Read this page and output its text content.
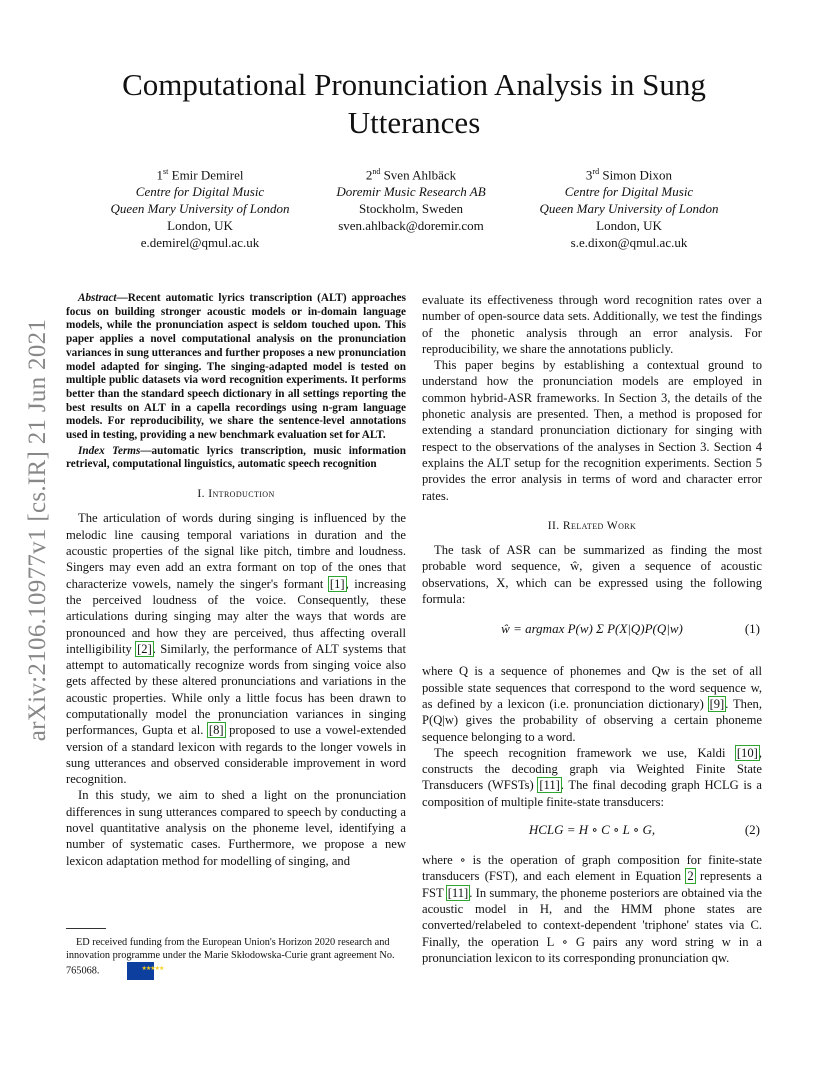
Computational Pronunciation Analysis in Sung Utterances
1st Emir Demirel
Centre for Digital Music
Queen Mary University of London
London, UK
e.demirel@qmul.ac.uk
2nd Sven Ahlbäck
Doremir Music Research AB
Stockholm, Sweden
sven.ahlback@doremir.com
3rd Simon Dixon
Centre for Digital Music
Queen Mary University of London
London, UK
s.e.dixon@qmul.ac.uk
arXiv:2106.10977v1 [cs.IR] 21 Jun 2021

Abstract—Recent automatic lyrics transcription (ALT) approaches focus on building stronger acoustic models or in-domain language models, while the pronunciation aspect is seldom touched upon. This paper applies a novel computational analysis on the pronunciation variances in sung utterances and further proposes a new pronunciation model adapted for singing. The singing-adapted model is tested on multiple public datasets via word recognition experiments. It performs better than the standard speech dictionary in all settings reporting the best results on ALT in a capella recordings using n-gram language models. For reproducibility, we share the sentence-level annotations used in testing, providing a new benchmark evaluation set for ALT.

Index Terms—automatic lyrics transcription, music information retrieval, computational linguistics, automatic speech recognition

I. Introduction

The articulation of words during singing is influenced by the melodic line causing temporal variations in duration and the acoustic properties of the signal like pitch, timbre and loudness. Singers may even add an extra formant on top of the ones that characterize vowels, namely the singer's formant [1], increasing the perceived loudness of the voice. Consequently, these articulations during singing may alter the ways that words are pronounced and how they are perceived, thus affecting overall intelligibility [2]. Similarly, the performance of ALT systems that attempt to automatically recognize words from singing voice also gets affected by these altered pronunciations and variations in the acoustic properties. While only a little focus has been drawn to computationally model the pronunciation variances in singing performances, Gupta et al. [8] proposed to use a vowel-extended version of a standard lexicon with regards to the longer vowels in sung utterances and observed considerable improvement in word recognition.

In this study, we aim to shed a light on the pronunciation differences in sung utterances compared to speech by conducting a novel quantitative analysis on the phoneme level, identifying a number of systematic cases. Furthermore, we propose a new lexicon adaptation method for modelling of singing, and

ED received funding from the European Union's Horizon 2020 research and innovation programme under the Marie Skłodowska-Curie grant agreement No. 765068.	★★★★★

evaluate its effectiveness through word recognition rates over a number of open-source data sets. Additionally, we test the findings of the phonetic analysis through an error analysis. For reproducibility, we share the annotations publicly.

This paper begins by establishing a contextual ground to understand how the pronunciation models are employed in common hybrid-ASR frameworks. In Section 3, the details of the phonetic analysis are presented. Then, a method is proposed for extending a standard pronunciation dictionary for singing with respect to the observations of the analyses in Section 3. Section 4 explains the ALT setup for the recognition experiments. Section 5 provides the error analysis in terms of word and character error rates.

II. Related Work

The task of ASR can be summarized as finding the most probable word sequence, ŵ, given a sequence of acoustic observations, X, which can be expressed using the following formula:

ŵ = argmax P(w) Σ P(X|Q)P(Q|w)	(1)

where Q is a sequence of phonemes and Qw is the set of all possible state sequences that correspond to the word sequence w, as defined by a lexicon (i.e. pronunciation dictionary) [9]. Then, P(Q|w) gives the probability of observing a certain phoneme sequence belonging to a word.

The speech recognition framework we use, Kaldi [10], constructs the decoding graph via Weighted Finite State Transducers (WFSTs) [11]. The final decoding graph HCLG is a composition of multiple finite-state transducers:

HCLG = H ∘ C ∘ L ∘ G,	(2)

where ∘ is the operation of graph composition for finite-state transducers (FST), and each element in Equation 2 represents a FST [11]. In summary, the phoneme posteriors are obtained via the acoustic model in H, and the HMM phone states are converted/relabeled to context-dependent 'triphone' states via C. Finally, the operation L ∘ G pairs any word string w in a pronunciation lexicon to its corresponding pronunciation qw.
